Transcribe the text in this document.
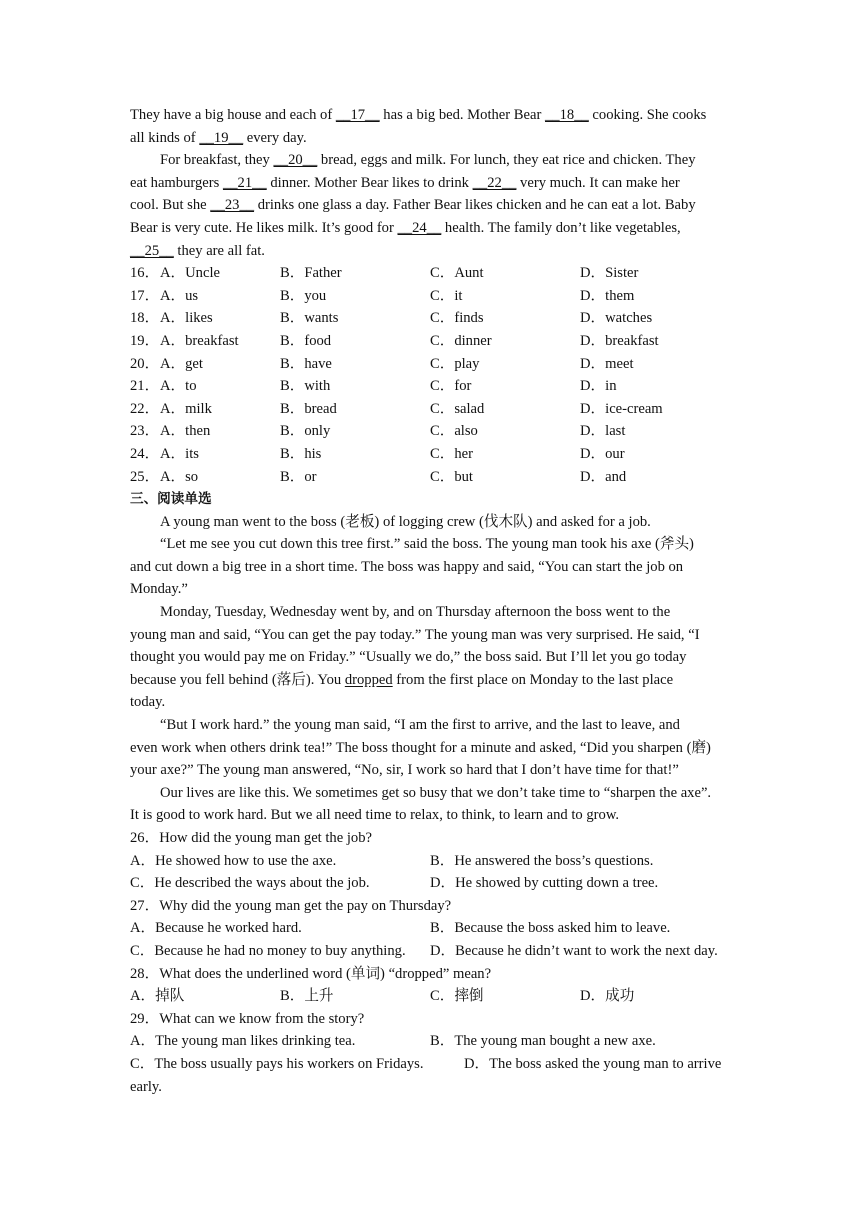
They have a big house and each of __17__ has a big bed. Mother Bear __18__ cooking. She cooks
all kinds of __19__ every day.
For breakfast, they __20__ bread, eggs and milk. For lunch, they eat rice and chicken. They
eat hamburgers __21__ dinner. Mother Bear likes to drink __22__ very much. It can make her
cool. But she __23__ drinks one glass a day. Father Bear likes chicken and he can eat a lot. Baby
Bear is very cute. He likes milk. It’s good for __24__ health. The family don’t like vegetables,
__25__ they are all fat.
16． A．Uncle	B．Father	C．Aunt	D．Sister
17． A．us	B．you	C．it	D．them
18． A．likes	B．wants	C．finds	D．watches
19． A．breakfast	B．food	C．dinner	D．breakfast
20． A．get	B．have	C．play	D．meet
21． A．to	B．with	C．for	D．in
22． A．milk	B．bread	C．salad	D．ice-cream
23． A．then	B．only	C．also	D．last
24． A．its	B．his	C．her	D．our
25． A．so	B．or	C．but	D．and
三、阅读单选
A young man went to the boss (老板) of logging crew (伐木队) and asked for a job.
“Let me see you cut down this tree first.” said the boss. The young man took his axe (斧头)
and cut down a big tree in a short time. The boss was happy and said, “You can start the job on
Monday.”
Monday, Tuesday, Wednesday went by, and on Thursday afternoon the boss went to the
young man and said, “You can get the pay today.” The young man was very surprised. He said, “I
thought you would pay me on Friday.” “Usually we do,” the boss said. But I’ll let you go today
because you fell behind (落后). You dropped from the first place on Monday to the last place
today.
“But I work hard.” the young man said, “I am the first to arrive, and the last to leave, and
even work when others drink tea!” The boss thought for a minute and asked, “Did you sharpen (磨)
your axe?” The young man answered, “No, sir, I work so hard that I don’t have time for that!”
Our lives are like this. We sometimes get so busy that we don’t take time to “sharpen the axe”.
It is good to work hard. But we all need time to relax, to think, to learn and to grow.
26．How did the young man get the job?
A．He showed how to use the axe.	B．He answered the boss’s questions.
C．He described the ways about the job.	D．He showed by cutting down a tree.
27．Why did the young man get the pay on Thursday?
A．Because he worked hard.	B．Because the boss asked him to leave.
C．Because he had no money to buy anything.	D．Because he didn’t want to work the next day.
28．What does the underlined word (单词) “dropped” mean?
A．掉队	B．上升	C．摔倒	D．成功
29．What can we know from the story?
A．The young man likes drinking tea.	B．The young man bought a new axe.
C．The boss usually pays his workers on Fridays.	D．The boss asked the young man to arrive
early.
